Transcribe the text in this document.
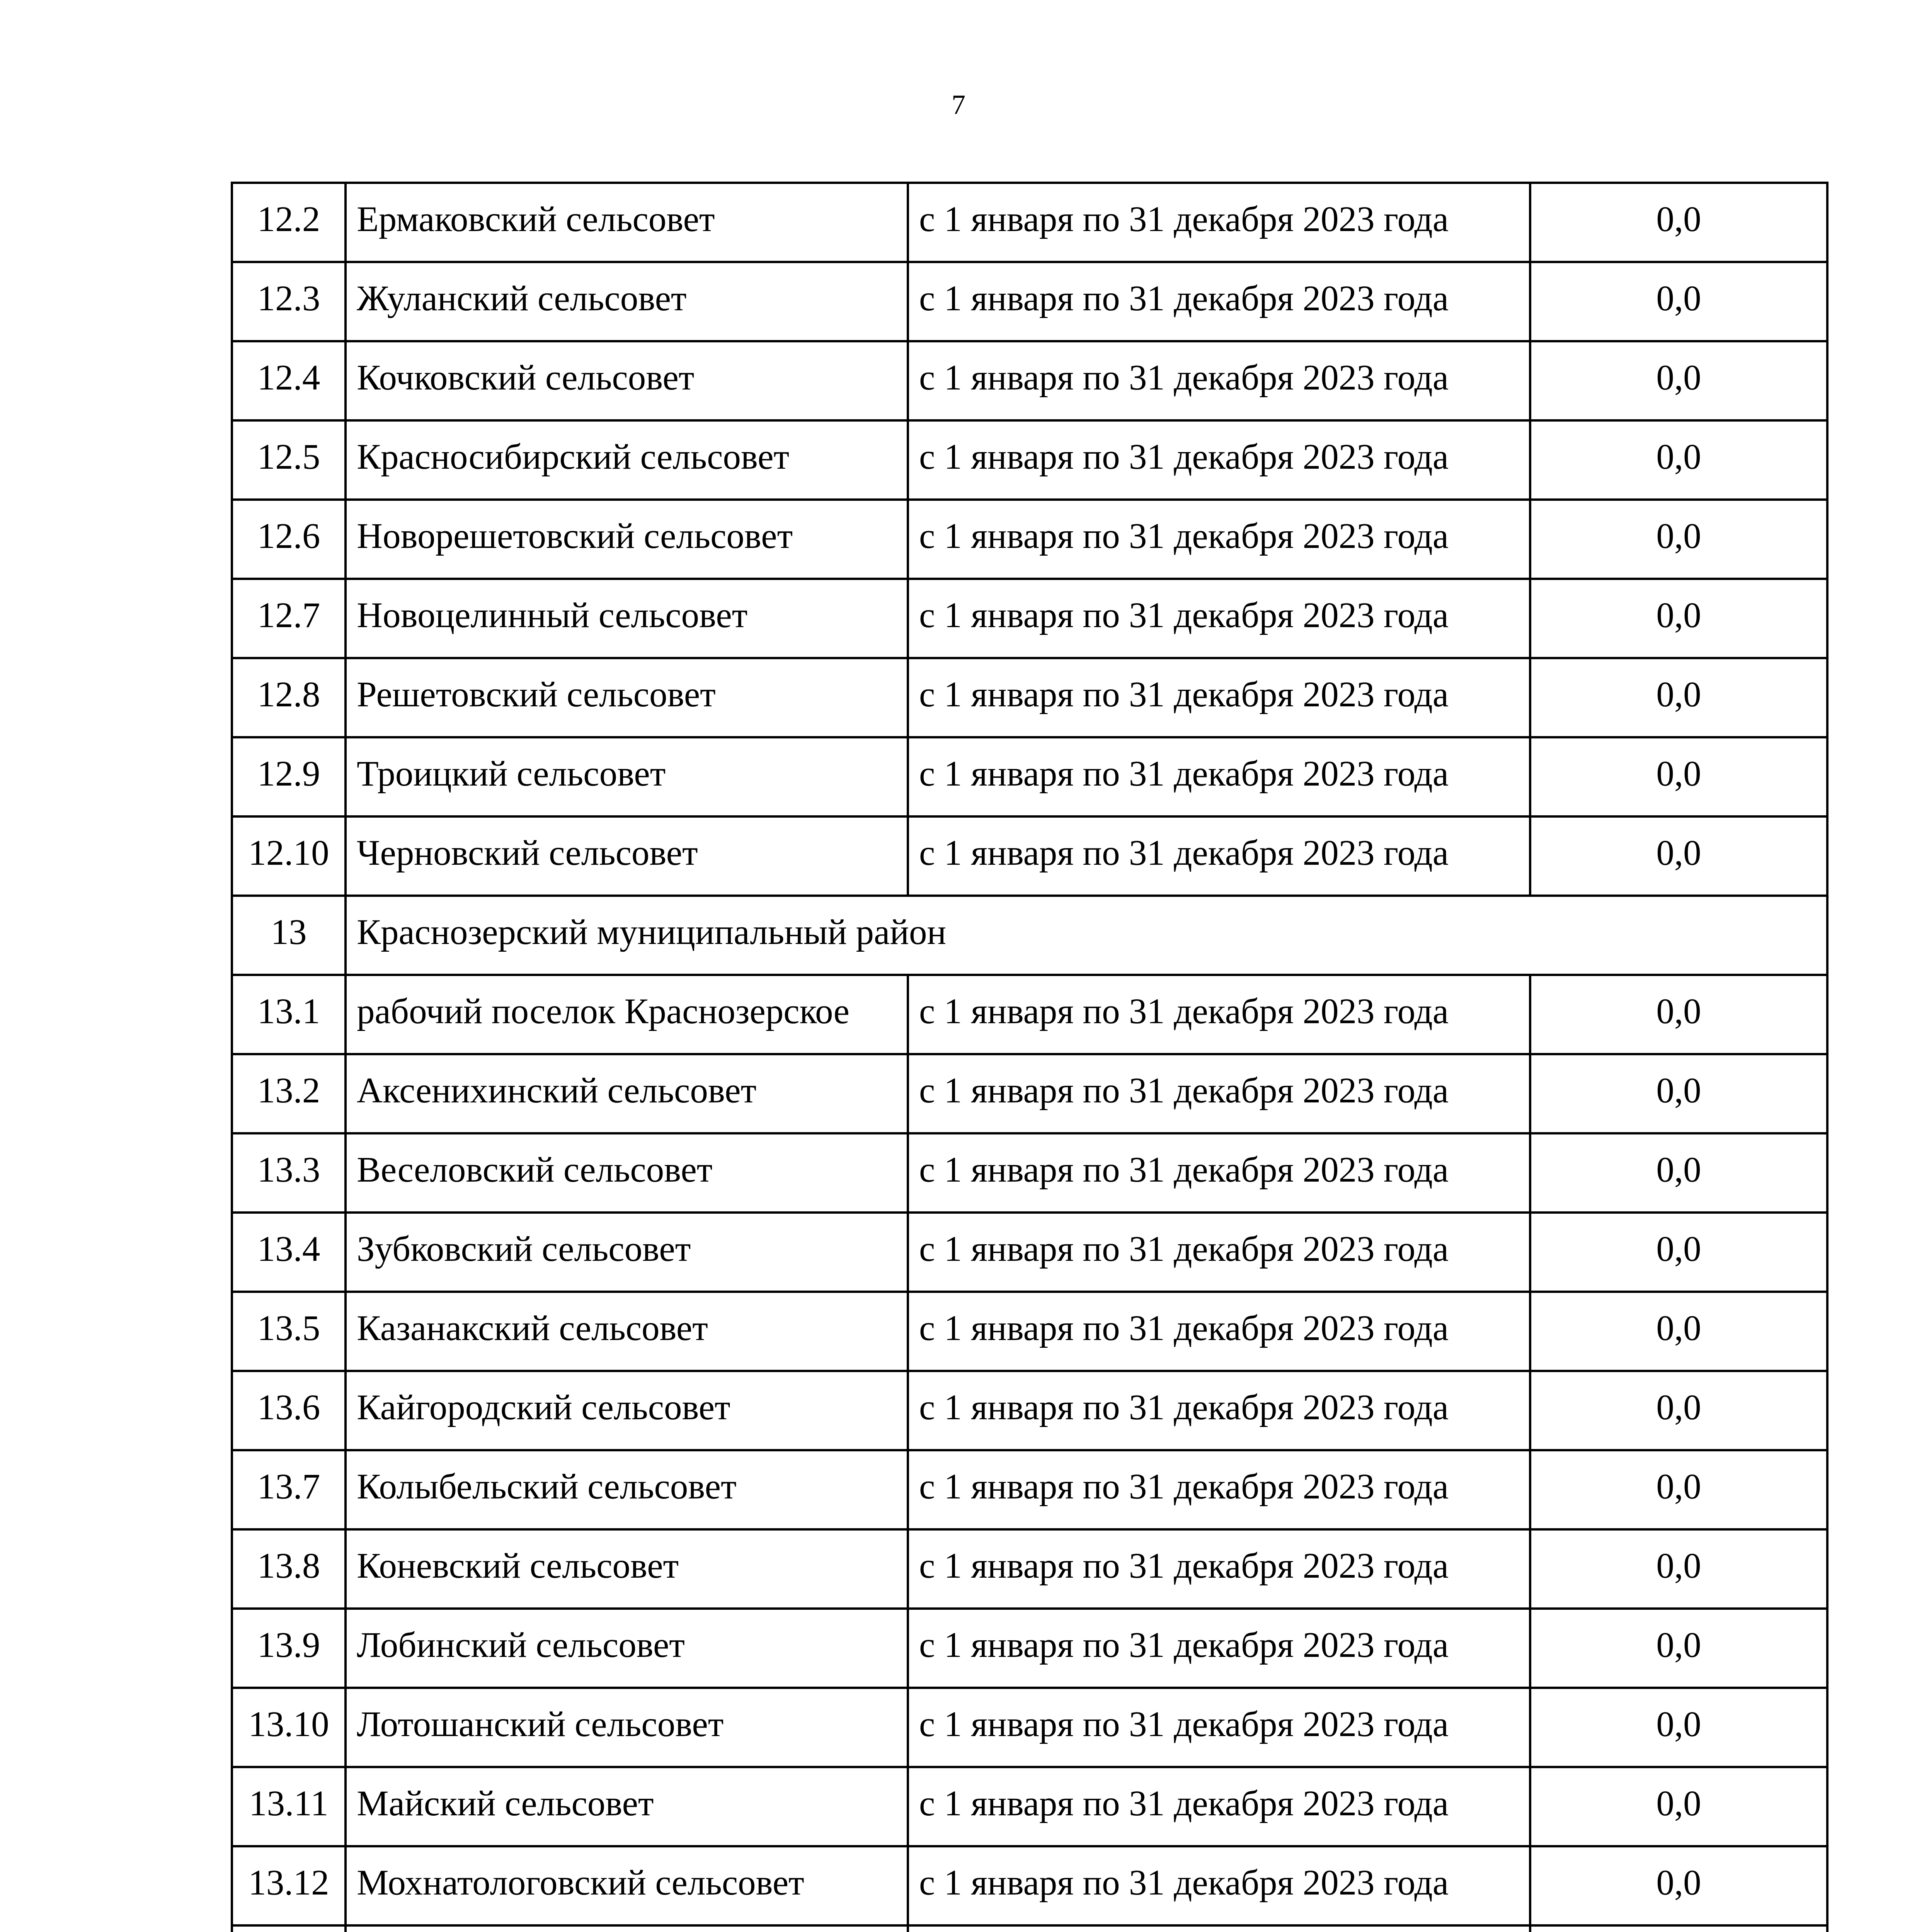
7
12.2	Ермаковский сельсовет	с 1 января по 31 декабря 2023 года	0,0
12.3	Жуланский сельсовет	с 1 января по 31 декабря 2023 года	0,0
12.4	Кочковский сельсовет	с 1 января по 31 декабря 2023 года	0,0
12.5	Красносибирский сельсовет	с 1 января по 31 декабря 2023 года	0,0
12.6	Новорешетовский сельсовет	с 1 января по 31 декабря 2023 года	0,0
12.7	Новоцелинный сельсовет	с 1 января по 31 декабря 2023 года	0,0
12.8	Решетовский сельсовет	с 1 января по 31 декабря 2023 года	0,0
12.9	Троицкий сельсовет	с 1 января по 31 декабря 2023 года	0,0
12.10	Черновский сельсовет	с 1 января по 31 декабря 2023 года	0,0
13	Краснозерский муниципальный район		
13.1	рабочий поселок Краснозерское	с 1 января по 31 декабря 2023 года	0,0
13.2	Аксенихинский сельсовет	с 1 января по 31 декабря 2023 года	0,0
13.3	Веселовский сельсовет	с 1 января по 31 декабря 2023 года	0,0
13.4	Зубковский сельсовет	с 1 января по 31 декабря 2023 года	0,0
13.5	Казанакский сельсовет	с 1 января по 31 декабря 2023 года	0,0
13.6	Кайгородский сельсовет	с 1 января по 31 декабря 2023 года	0,0
13.7	Колыбельский сельсовет	с 1 января по 31 декабря 2023 года	0,0
13.8	Коневский сельсовет	с 1 января по 31 декабря 2023 года	0,0
13.9	Лобинский сельсовет	с 1 января по 31 декабря 2023 года	0,0
13.10	Лотошанский сельсовет	с 1 января по 31 декабря 2023 года	0,0
13.11	Майский сельсовет	с 1 января по 31 декабря 2023 года	0,0
13.12	Мохнатологовский сельсовет	с 1 января по 31 декабря 2023 года	0,0
